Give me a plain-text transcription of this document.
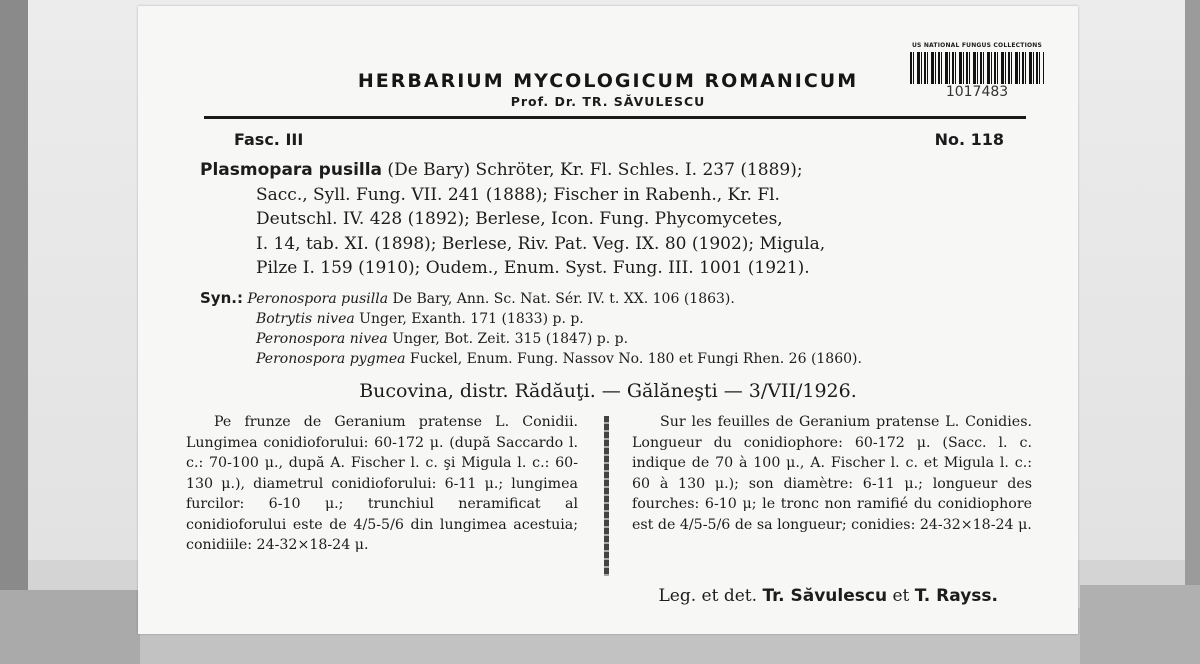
US NATIONAL FUNGUS COLLECTIONS
1017483
HERBARIUM MYCOLOGICUM ROMANICUM
Prof. Dr. TR. SĂVULESCU
Fasc. III	No. 118
Plasmopara pusilla (De Bary) Schröter, Kr. Fl. Schles. I. 237 (1889);
Sacc., Syll. Fung. VII. 241 (1888); Fischer in Rabenh., Kr. Fl.
Deutschl. IV. 428 (1892); Berlese, Icon. Fung. Phycomycetes,
I. 14, tab. XI. (1898); Berlese, Riv. Pat. Veg. IX. 80 (1902); Migula,
Pilze I. 159 (1910); Oudem., Enum. Syst. Fung. III. 1001 (1921).
Syn.: Peronospora pusilla De Bary, Ann. Sc. Nat. Sér. IV. t. XX. 106 (1863).
Botrytis nivea Unger, Exanth. 171 (1833) p. p.
Peronospora nivea Unger, Bot. Zeit. 315 (1847) p. p.
Peronospora pygmea Fuckel, Enum. Fung. Nassov No. 180 et Fungi Rhen. 26 (1860).
Bucovina, distr. Rădăuţi. — Gălăneşti — 3/VII/1926.
Pe frunze de Geranium pratense L. Conidii. Lungimea conidioforului: 60-172 μ. (după Saccardo l. c.: 70-100 μ., după A. Fischer l. c. şi Migula l. c.: 60-130 μ.), diametrul conidioforului: 6-11 μ.; lungimea furcilor: 6-10 μ.; trunchiul neramificat al conidioforului este de 4/5-5/6 din lungimea acestuia; conidiile: 24-32×18-24 μ.
Sur les feuilles de Geranium pratense L. Conidies. Longueur du conidiophore: 60-172 μ. (Sacc. l. c. indique de 70 à 100 μ., A. Fischer l. c. et Migula l. c.: 60 à 130 μ.); son diamètre: 6-11 μ.; longueur des fourches: 6-10 μ; le tronc non ramifié du conidiophore est de 4/5-5/6 de sa longueur; conidies: 24-32×18-24 μ.
Leg. et det. Tr. Săvulescu et T. Rayss.
